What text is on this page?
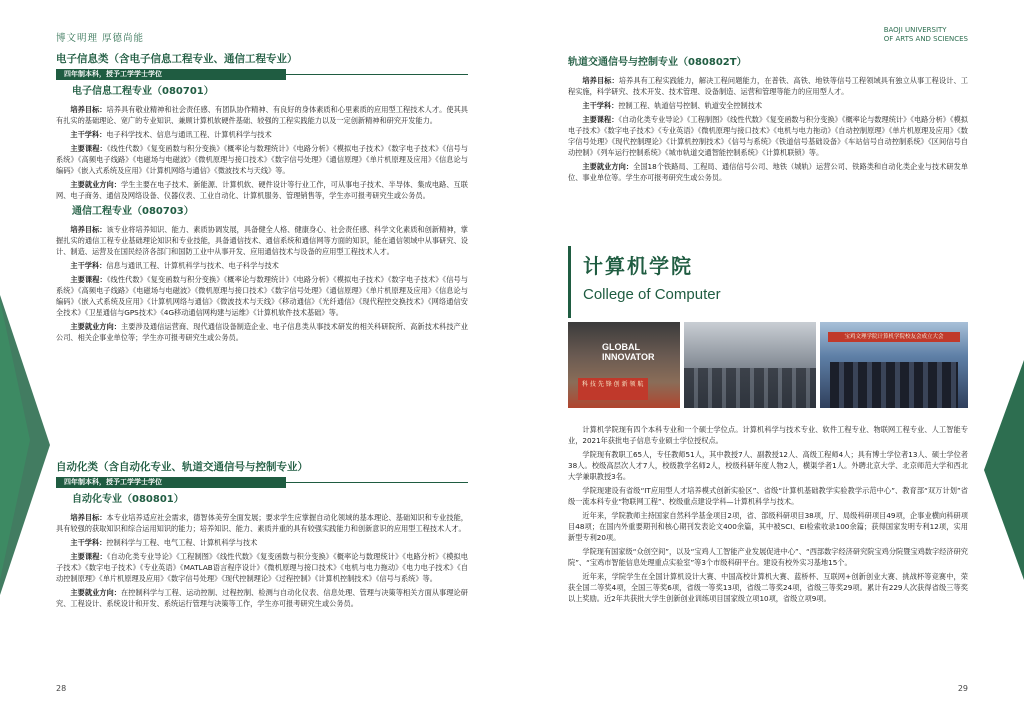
博文明理 厚德尚能
电子信息类（含电子信息工程专业、通信工程专业）
四年制本科，授予工学学士学位
电子信息工程专业（080701）
培养目标：培养具有敬业精神和社会责任感、有团队协作精神、有良好的身体素质和心里素质的应用型工程技术人才。使其具有扎实的基础理论、宽广的专业知识、兼顾计算机软硬件基础、较强的工程实践能力以及一定创新精神和研究开发能力。
主干学科：电子科学技术、信息与通讯工程、计算机科学与技术
主要课程：《线性代数》《复变函数与积分变换》《概率论与数理统计》《电路分析》《模拟电子技术》《数字电子技术》《信号与系统》《高频电子线路》《电磁场与电磁波》《微机原理与接口技术》《数字信号处理》《通信原理》《单片机原理及应用》《信息论与编码》《嵌入式系统及应用》《计算机网络与通信》《微波技术与天线》等。
主要就业方向：学生主要在电子技术、新能源、计算机软、硬件设计等行业工作，可从事电子技术、半导体、集成电路、互联网、电子商务、通信及网络设备、仪器仪表、工业自动化、计算机服务、管理销售等，学生亦可报考研究生或公务员。
通信工程专业（080703）
培养目标：该专业将培养知识、能力、素质协调发展，具备健全人格、健康身心、社会责任感、科学文化素质和创新精神，掌握扎实的通信工程专业基础理论知识和专业技能，具备通信技术、通信系统和通信网等方面的知识，能在通信领域中从事研究、设计、制造、运营及在国民经济各部门和国防工业中从事开发、应用通信技术与设备的应用型工程技术人才。
主干学科：信息与通讯工程、计算机科学与技术、电子科学与技术
主要课程：《线性代数》《复变函数与积分变换》《概率论与数理统计》《电路分析》《模拟电子技术》《数字电子技术》《信号与系统》《高频电子线路》《电磁场与电磁波》《微机原理与接口技术》《数字信号处理》《通信原理》《单片机原理及应用》《信息论与编码》《嵌入式系统及应用》《计算机网络与通信》《微波技术与天线》《移动通信》《光纤通信》《现代程控交换技术》《网络通信安全技术》《卫星通信与GPS技术》《4G移动通信网构建与运维》《计算机软件技术基础》等。
主要就业方向：主要涉及通信运营商、现代通信设备制造企业、电子信息类从事技术研发的相关科研院所、高新技术科技产业公司、相关企事业单位等；学生亦可报考研究生或公务员。
自动化类（含自动化专业、轨道交通信号与控制专业）
四年制本科，授予工学学士学位
自动化专业（080801）
培养目标：本专业培养适应社会需求，德智体美劳全面发展；要求学生应掌握自动化领域的基本理论、基础知识和专业技能，具有较强的获取知识和综合运用知识的能力；培养知识、能力、素质并重的具有较强实践能力和创新意识的应用型工程技术人才。
主干学科：控制科学与工程、电气工程、计算机科学与技术
主要课程：《自动化类专业导论》《工程制图》《线性代数》《复变函数与积分变换》《概率论与数理统计》《电路分析》《模拟电子技术》《数字电子技术》《专业英语》《MATLAB语言程序设计》《微机原理与接口技术》《电机与电力拖动》《电力电子技术》《自动控制原理》《单片机原理及应用》《数字信号处理》《现代控制理论》《过程控制》《计算机控制技术》《信号与系统》等。
主要就业方向：在控制科学与工程、运动控制、过程控制、检测与自动化仪表、信息处理、管理与决策等相关方面从事理论研究、工程设计、系统设计和开发、系统运行管理与决策等工作，学生亦可报考研究生或公务员。
28
BAOJI UNIVERSITY
OF ARTS AND SCIENCES
轨道交通信号与控制专业（080802T）
培养目标：培养具有工程实践能力，解决工程问题能力，在普铁、高铁、地铁等信号工程领域具有独立从事工程设计、工程实施，科学研究、技术开发、技术管理、设备制造、运营和管理等能力的应用型人才。
主干学科：控制工程、轨道信号控制、轨道安全控制技术
主要课程：《自动化类专业导论》《工程制图》《线性代数》《复变函数与积分变换》《概率论与数理统计》《电路分析》《模拟电子技术》《数字电子技术》《专业英语》《微机原理与接口技术》《电机与电力拖动》《自动控制原理》《单片机原理及应用》《数字信号处理》《现代控制理论》《计算机控制技术》《信号与系统》《铁道信号基础设备》《车站信号自动控制系统》《区间信号自动控制》《列车运行控制系统》《城市轨道交通智能控制系统》《计算机联锁》等。
主要就业方向：全国18个铁路局、工程局、通信信号公司、地铁（城轨）运营公司、铁路类和自动化类企业与技术研发单位、事业单位等。学生亦可报考研究生或公务员。
计算机学院
College of Computer
GLOBAL
INNOVATOR
科 技 先 锋 创 新 领 航
宝鸡文理学院计算机学院校友会成立大会
计算机学院现有四个本科专业和一个硕士学位点。计算机科学与技术专业、软件工程专业、物联网工程专业、人工智能专业，2021年获批电子信息专业硕士学位授权点。
学院现有教职工65人，专任教师51人，其中教授7人、副教授12人、高级工程师4人；具有博士学位者13人、硕士学位者38人。校级高层次人才7人，校级教学名师2人，校级科研年度人物2人，横渠学者1人。外聘北京大学、北京师范大学和西北大学兼职教授3名。
学院现建设有省级“IT应用型人才培养模式创新实验区”、省级“计算机基础教学实验教学示范中心”、教育部“双万计划”省级一流本科专业“物联网工程”、校级重点建设学科—计算机科学与技术。
近年来，学院教师主持国家自然科学基金项目2项，省、部级科研项目38项，厅、局级科研项目49项，企事业横向科研项目48项；在国内外重要期刊和核心期刊发表论文400余篇，其中被SCI、EI检索收录100余篇；获得国家发明专利12项，实用新型专利20项。
学院现有国家级“众创空间”，以及“宝鸡人工智能产业发展促进中心”、“西部数字经济研究院宝鸡分院暨宝鸡数字经济研究院”、“宝鸡市智能信息处理重点实验室”等3个市级科研平台。建设有校外实习基地15个。
近年来，学院学生在全国计算机设计大赛、中国高校计算机大赛、蓝桥杯、互联网+创新创业大赛、挑战杯等竞赛中，荣获全国二等奖4项，全国三等奖6项，省级一等奖13项，省级二等奖24项，省级三等奖29项。累计有229人次获得省级三等奖以上奖励。近2年共获批大学生创新创业训练项目国家级立项10项，省级立项9项。
29
